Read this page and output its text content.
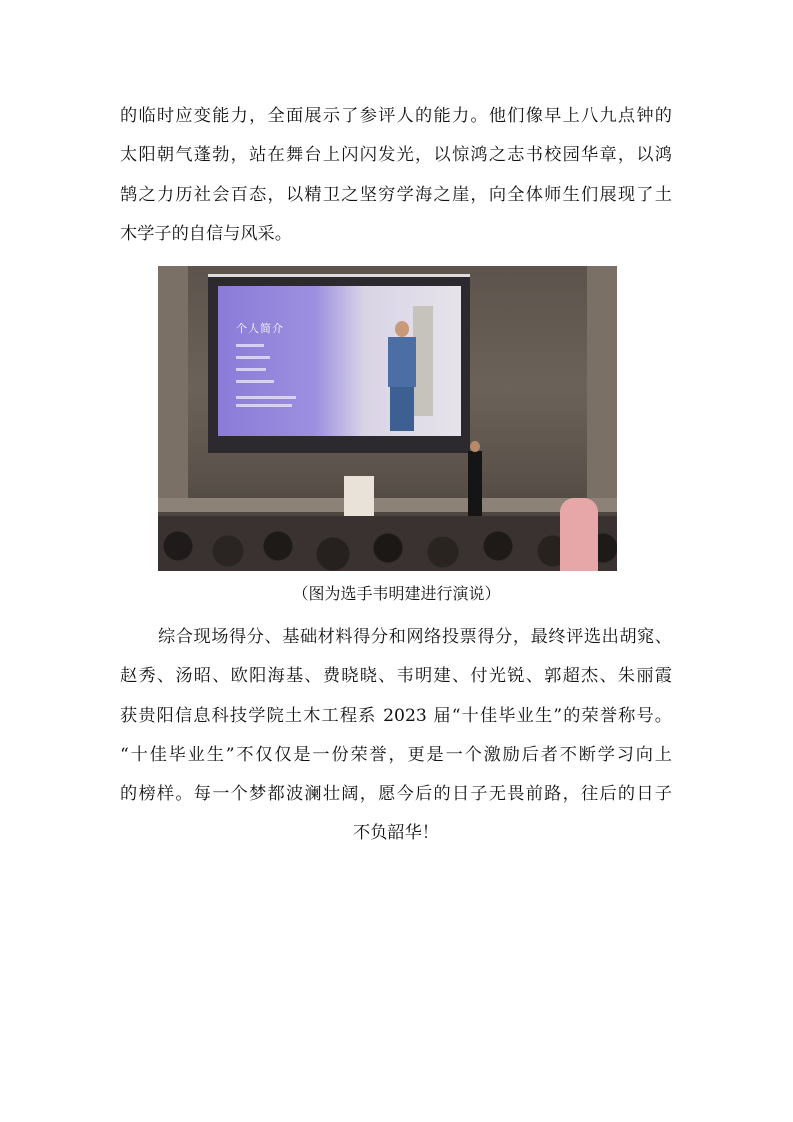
的临时应变能力，全面展示了参评人的能力。他们像早上八九点钟的
太阳朝气蓬勃，站在舞台上闪闪发光，以惊鸿之志书校园华章，以鸿
鹄之力历社会百态，以精卫之坚穷学海之崖，向全体师生们展现了土
木学子的自信与风采。
个人简介
（图为选手韦明建进行演说）
综合现场得分、基础材料得分和网络投票得分，最终评选出胡窕、
赵秀、汤昭、欧阳海基、费晓晓、韦明建、付光锐、郭超杰、朱丽霞
获贵阳信息科技学院土木工程系 2023 届“十佳毕业生”的荣誉称号。
“十佳毕业生”不仅仅是一份荣誉，更是一个激励后者不断学习向上
的榜样。每一个梦都波澜壮阔，愿今后的日子无畏前路，往后的日子
不负韶华！
